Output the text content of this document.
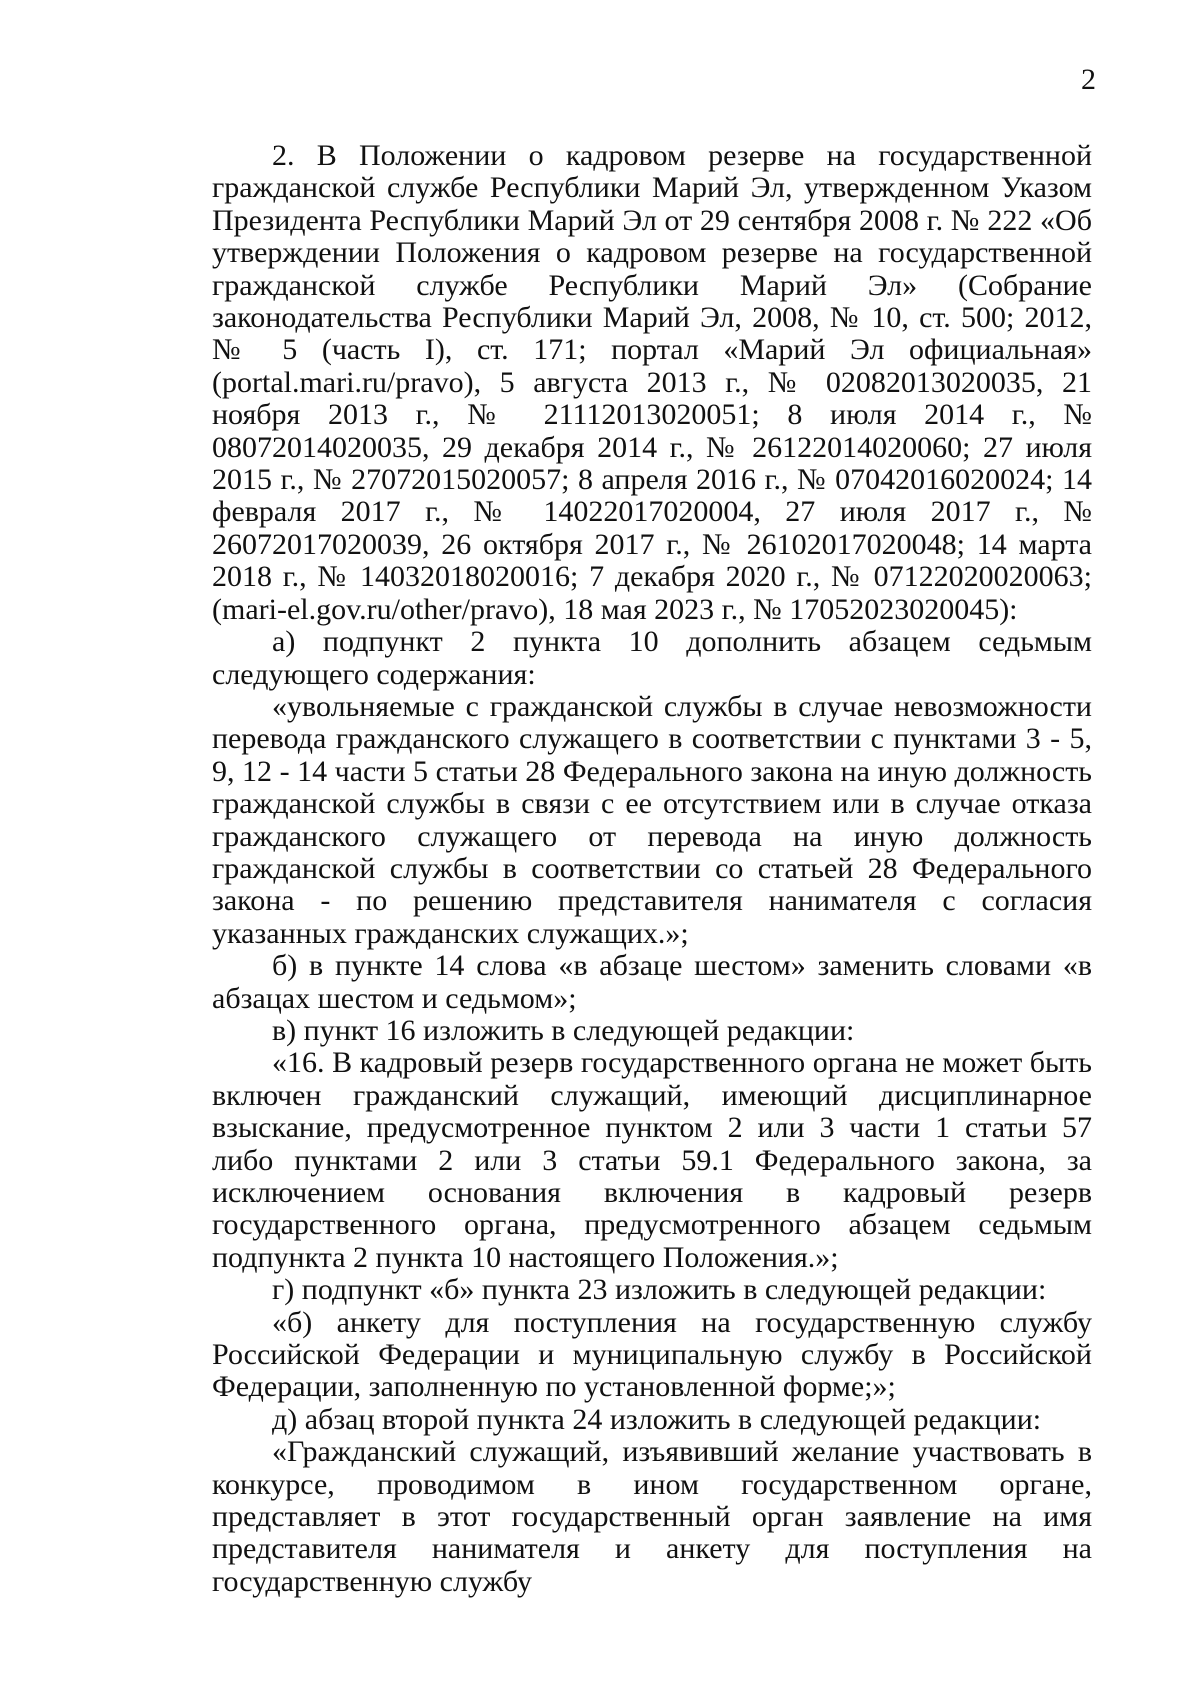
2

2. В Положении о кадровом резерве на государственной гражданской службе Республики Марий Эл, утвержденном Указом Президента Республики Марий Эл от 29 сентября 2008 г. № 222 «Об утверждении Положения о кадровом резерве на государственной гражданской службе Республики Марий Эл» (Собрание законодательства Республики Марий Эл, 2008, № 10, ст. 500; 2012, № 5 (часть I), ст. 171; портал «Марий Эл официальная» (portal.mari.ru/pravo), 5 августа 2013 г., № 02082013020035, 21 ноября 2013 г., № 21112013020051; 8 июля 2014 г., № 08072014020035, 29 декабря 2014 г., № 26122014020060; 27 июля 2015 г., № 27072015020057; 8 апреля 2016 г., № 07042016020024; 14 февраля 2017 г., № 14022017020004, 27 июля 2017 г., № 26072017020039, 26 октября 2017 г., № 26102017020048; 14 марта 2018 г., № 14032018020016; 7 декабря 2020 г., № 07122020020063; (mari-el.gov.ru/other/pravo), 18 мая 2023 г., № 17052023020045):

а) подпункт 2 пункта 10 дополнить абзацем седьмым следующего содержания:

«увольняемые с гражданской службы в случае невозможности перевода гражданского служащего в соответствии с пунктами 3 - 5, 9, 12 - 14 части 5 статьи 28 Федерального закона на иную должность гражданской службы в связи с ее отсутствием или в случае отказа гражданского служащего от перевода на иную должность гражданской службы в соответствии со статьей 28 Федерального закона - по решению представителя нанимателя с согласия указанных гражданских служащих.»;

б) в пункте 14 слова «в абзаце шестом» заменить словами «в абзацах шестом и седьмом»;

в) пункт 16 изложить в следующей редакции:

«16. В кадровый резерв государственного органа не может быть включен гражданский служащий, имеющий дисциплинарное взыскание, предусмотренное пунктом 2 или 3 части 1 статьи 57 либо пунктами 2 или 3 статьи 59.1 Федерального закона, за исключением основания включения в кадровый резерв государственного органа, предусмотренного абзацем седьмым подпункта 2 пункта 10 настоящего Положения.»;

г) подпункт «б» пункта 23 изложить в следующей редакции:

«б) анкету для поступления на государственную службу Российской Федерации и муниципальную службу в Российской Федерации, заполненную по установленной форме;»;

д) абзац второй пункта 24 изложить в следующей редакции:

«Гражданский служащий, изъявивший желание участвовать в конкурсе, проводимом в ином государственном органе, представляет в этот государственный орган заявление на имя представителя нанимателя и анкету для поступления на государственную службу
